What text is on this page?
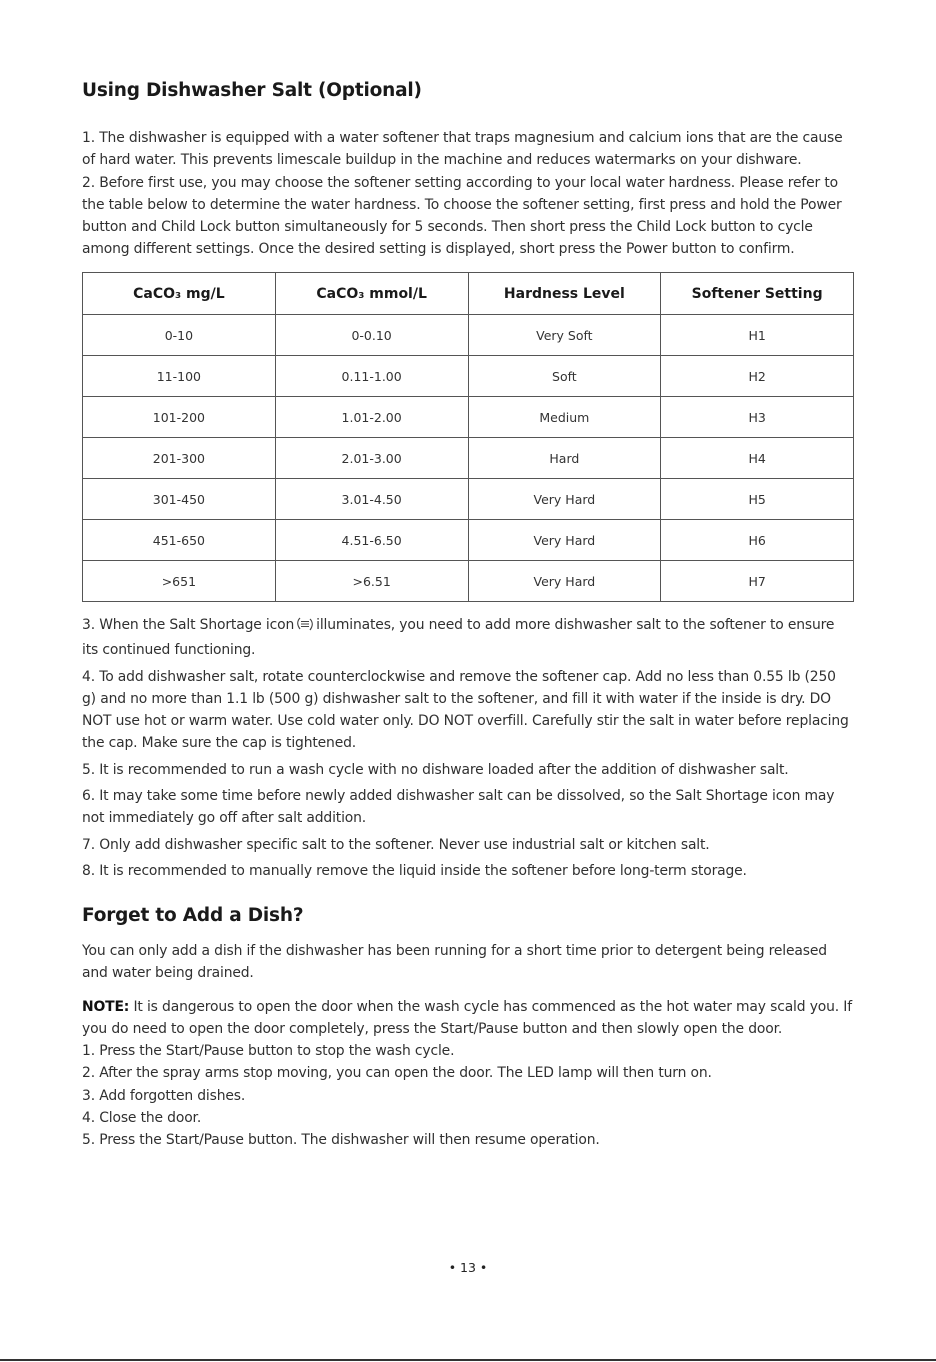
Using Dishwasher Salt (Optional)

1. The dishwasher is equipped with a water softener that traps magnesium and calcium ions that are the cause of hard water. This prevents limescale buildup in the machine and reduces watermarks on your dishware.

2. Before first use, you may choose the softener setting according to your local water hardness. Please refer to the table below to determine the water hardness. To choose the softener setting, first press and hold the Power button and Child Lock button simultaneously for 5 seconds. Then short press the Child Lock button to cycle among different settings. Once the desired setting is displayed, short press the Power button to confirm.

CaCO₃ mg/L	CaCO₃ mmol/L	Hardness Level	Softener Setting
0-10	0-0.10	Very Soft	H1
11-100	0.11-1.00	Soft	H2
101-200	1.01-2.00	Medium	H3
201-300	2.01-3.00	Hard	H4
301-450	3.01-4.50	Very Hard	H5
451-650	4.51-6.50	Very Hard	H6
>651	>6.51	Very Hard	H7

3. When the Salt Shortage icon illuminates, you need to add more dishwasher salt to the softener to ensure its continued functioning.

4. To add dishwasher salt, rotate counterclockwise and remove the softener cap. Add no less than 0.55 lb (250 g) and no more than 1.1 lb (500 g) dishwasher salt to the softener, and fill it with water if the inside is dry. DO NOT use hot or warm water. Use cold water only. DO NOT overfill. Carefully stir the salt in water before replacing the cap. Make sure the cap is tightened.

5. It is recommended to run a wash cycle with no dishware loaded after the addition of dishwasher salt.

6. It may take some time before newly added dishwasher salt can be dissolved, so the Salt Shortage icon may not immediately go off after salt addition.

7. Only add dishwasher specific salt to the softener. Never use industrial salt or kitchen salt.

8. It is recommended to manually remove the liquid inside the softener before long-term storage.

Forget to Add a Dish?

You can only add a dish if the dishwasher has been running for a short time prior to detergent being released and water being drained.

NOTE: It is dangerous to open the door when the wash cycle has commenced as the hot water may scald you. If you do need to open the door completely, press the Start/Pause button and then slowly open the door.

1. Press the Start/Pause button to stop the wash cycle.

2. After the spray arms stop moving, you can open the door. The LED lamp will then turn on.

3. Add forgotten dishes.

4. Close the door.

5. Press the Start/Pause button. The dishwasher will then resume operation.

• 13 •
